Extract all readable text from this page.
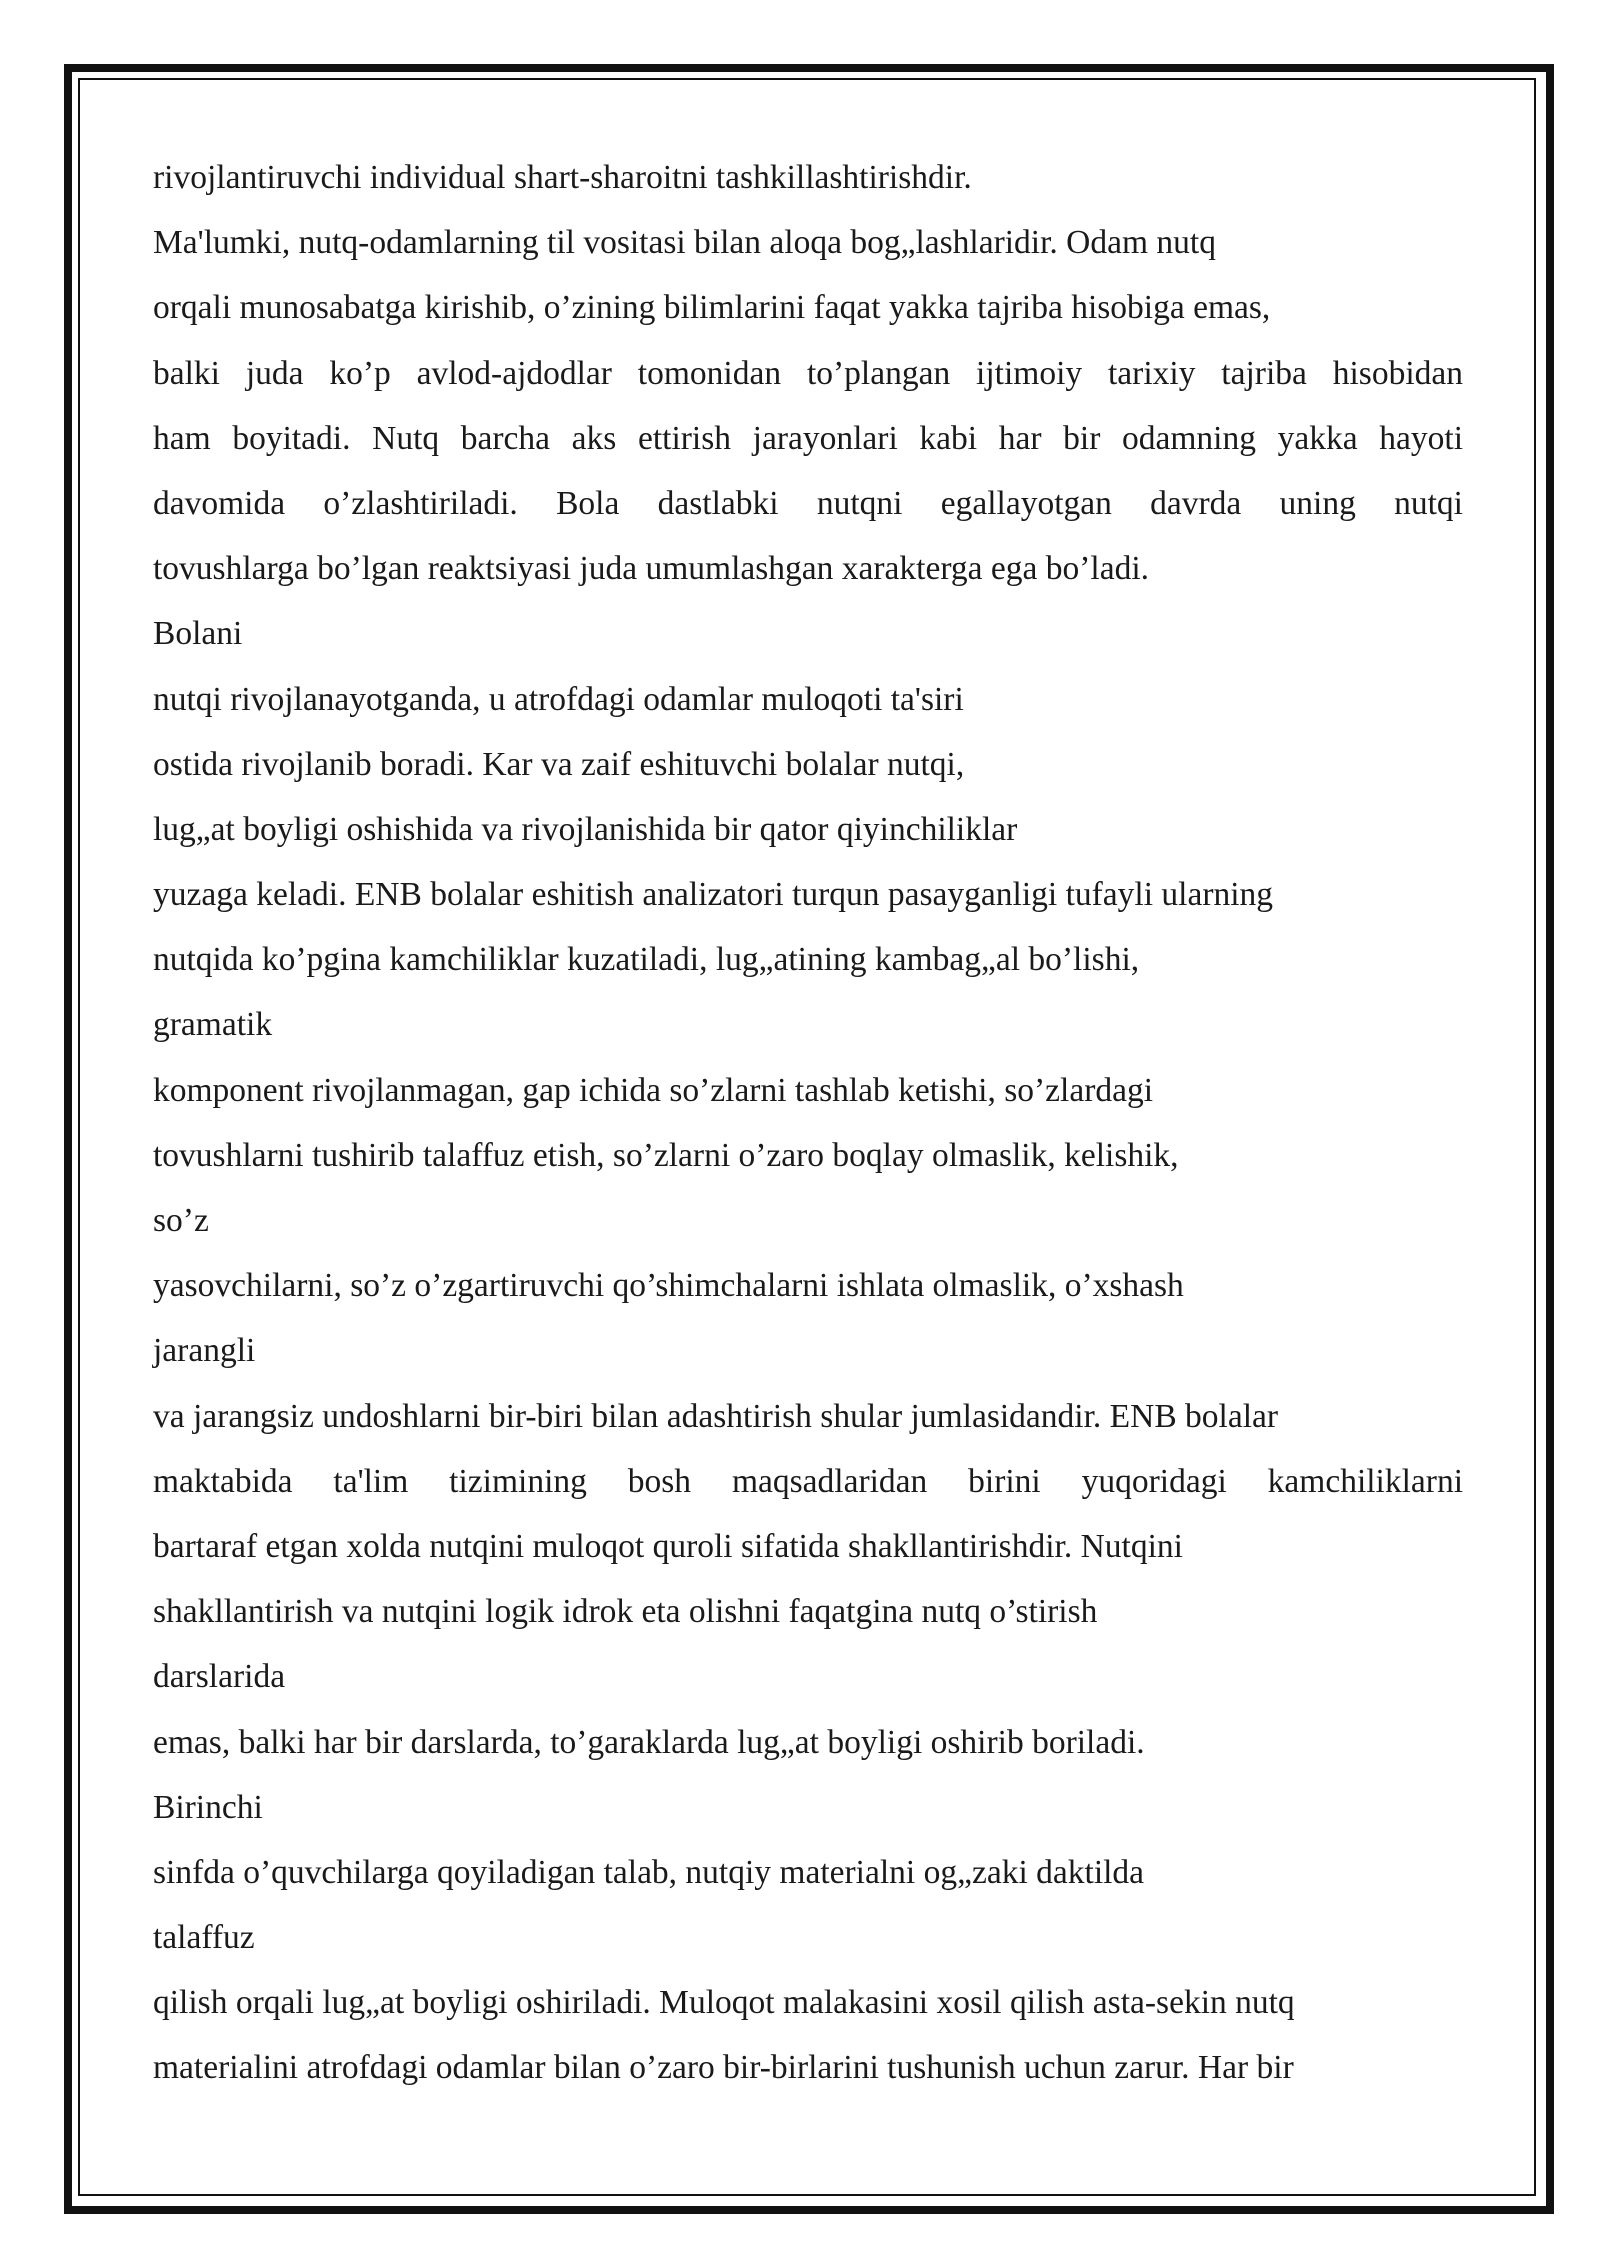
rivojlantiruvchi individual shart-sharoitni tashkillashtirishdir.
Ma'lumki, nutq-odamlarning til vositasi bilan aloqa bog„lashlaridir. Odam nutq
orqali munosabatga kirishib, o’zining bilimlarini faqat yakka tajriba hisobiga emas,
balki juda ko’p avlod-ajdodlar tomonidan to’plangan ijtimoiy tarixiy tajriba hisobidan
ham boyitadi. Nutq barcha aks ettirish jarayonlari kabi har bir odamning yakka hayoti
davomida o’zlashtiriladi. Bola dastlabki nutqni egallayotgan davrda uning nutqi
tovushlarga bo’lgan reaktsiyasi juda umumlashgan xarakterga ega bo’ladi.
Bolani
nutqi rivojlanayotganda, u atrofdagi odamlar muloqoti ta'siri
ostida rivojlanib boradi. Kar va zaif eshituvchi bolalar nutqi,
lug„at boyligi oshishida va rivojlanishida bir qator qiyinchiliklar
yuzaga keladi. ENB bolalar eshitish analizatori turqun pasayganligi tufayli ularning
nutqida ko’pgina kamchiliklar kuzatiladi, lug„atining kambag„al bo’lishi,
gramatik
komponent rivojlanmagan, gap ichida so’zlarni tashlab ketishi, so’zlardagi
tovushlarni tushirib talaffuz etish, so’zlarni o’zaro boqlay olmaslik, kelishik,
so’z
yasovchilarni, so’z o’zgartiruvchi qo’shimchalarni ishlata olmaslik, o’xshash
jarangli
va jarangsiz undoshlarni bir-biri bilan adashtirish shular jumlasidandir. ENB bolalar
maktabida ta'lim tizimining bosh maqsadlaridan birini yuqoridagi kamchiliklarni
bartaraf etgan xolda nutqini muloqot quroli sifatida shakllantirishdir. Nutqini
shakllantirish va nutqini logik idrok eta olishni faqatgina nutq o’stirish
darslarida
emas, balki har bir darslarda, to’garaklarda lug„at boyligi oshirib boriladi.
Birinchi
sinfda o’quvchilarga qoyiladigan talab, nutqiy materialni og„zaki daktilda
talaffuz
qilish orqali lug„at boyligi oshiriladi. Muloqot malakasini xosil qilish asta-sekin nutq
materialini atrofdagi odamlar bilan o’zaro bir-birlarini tushunish uchun zarur. Har bir
